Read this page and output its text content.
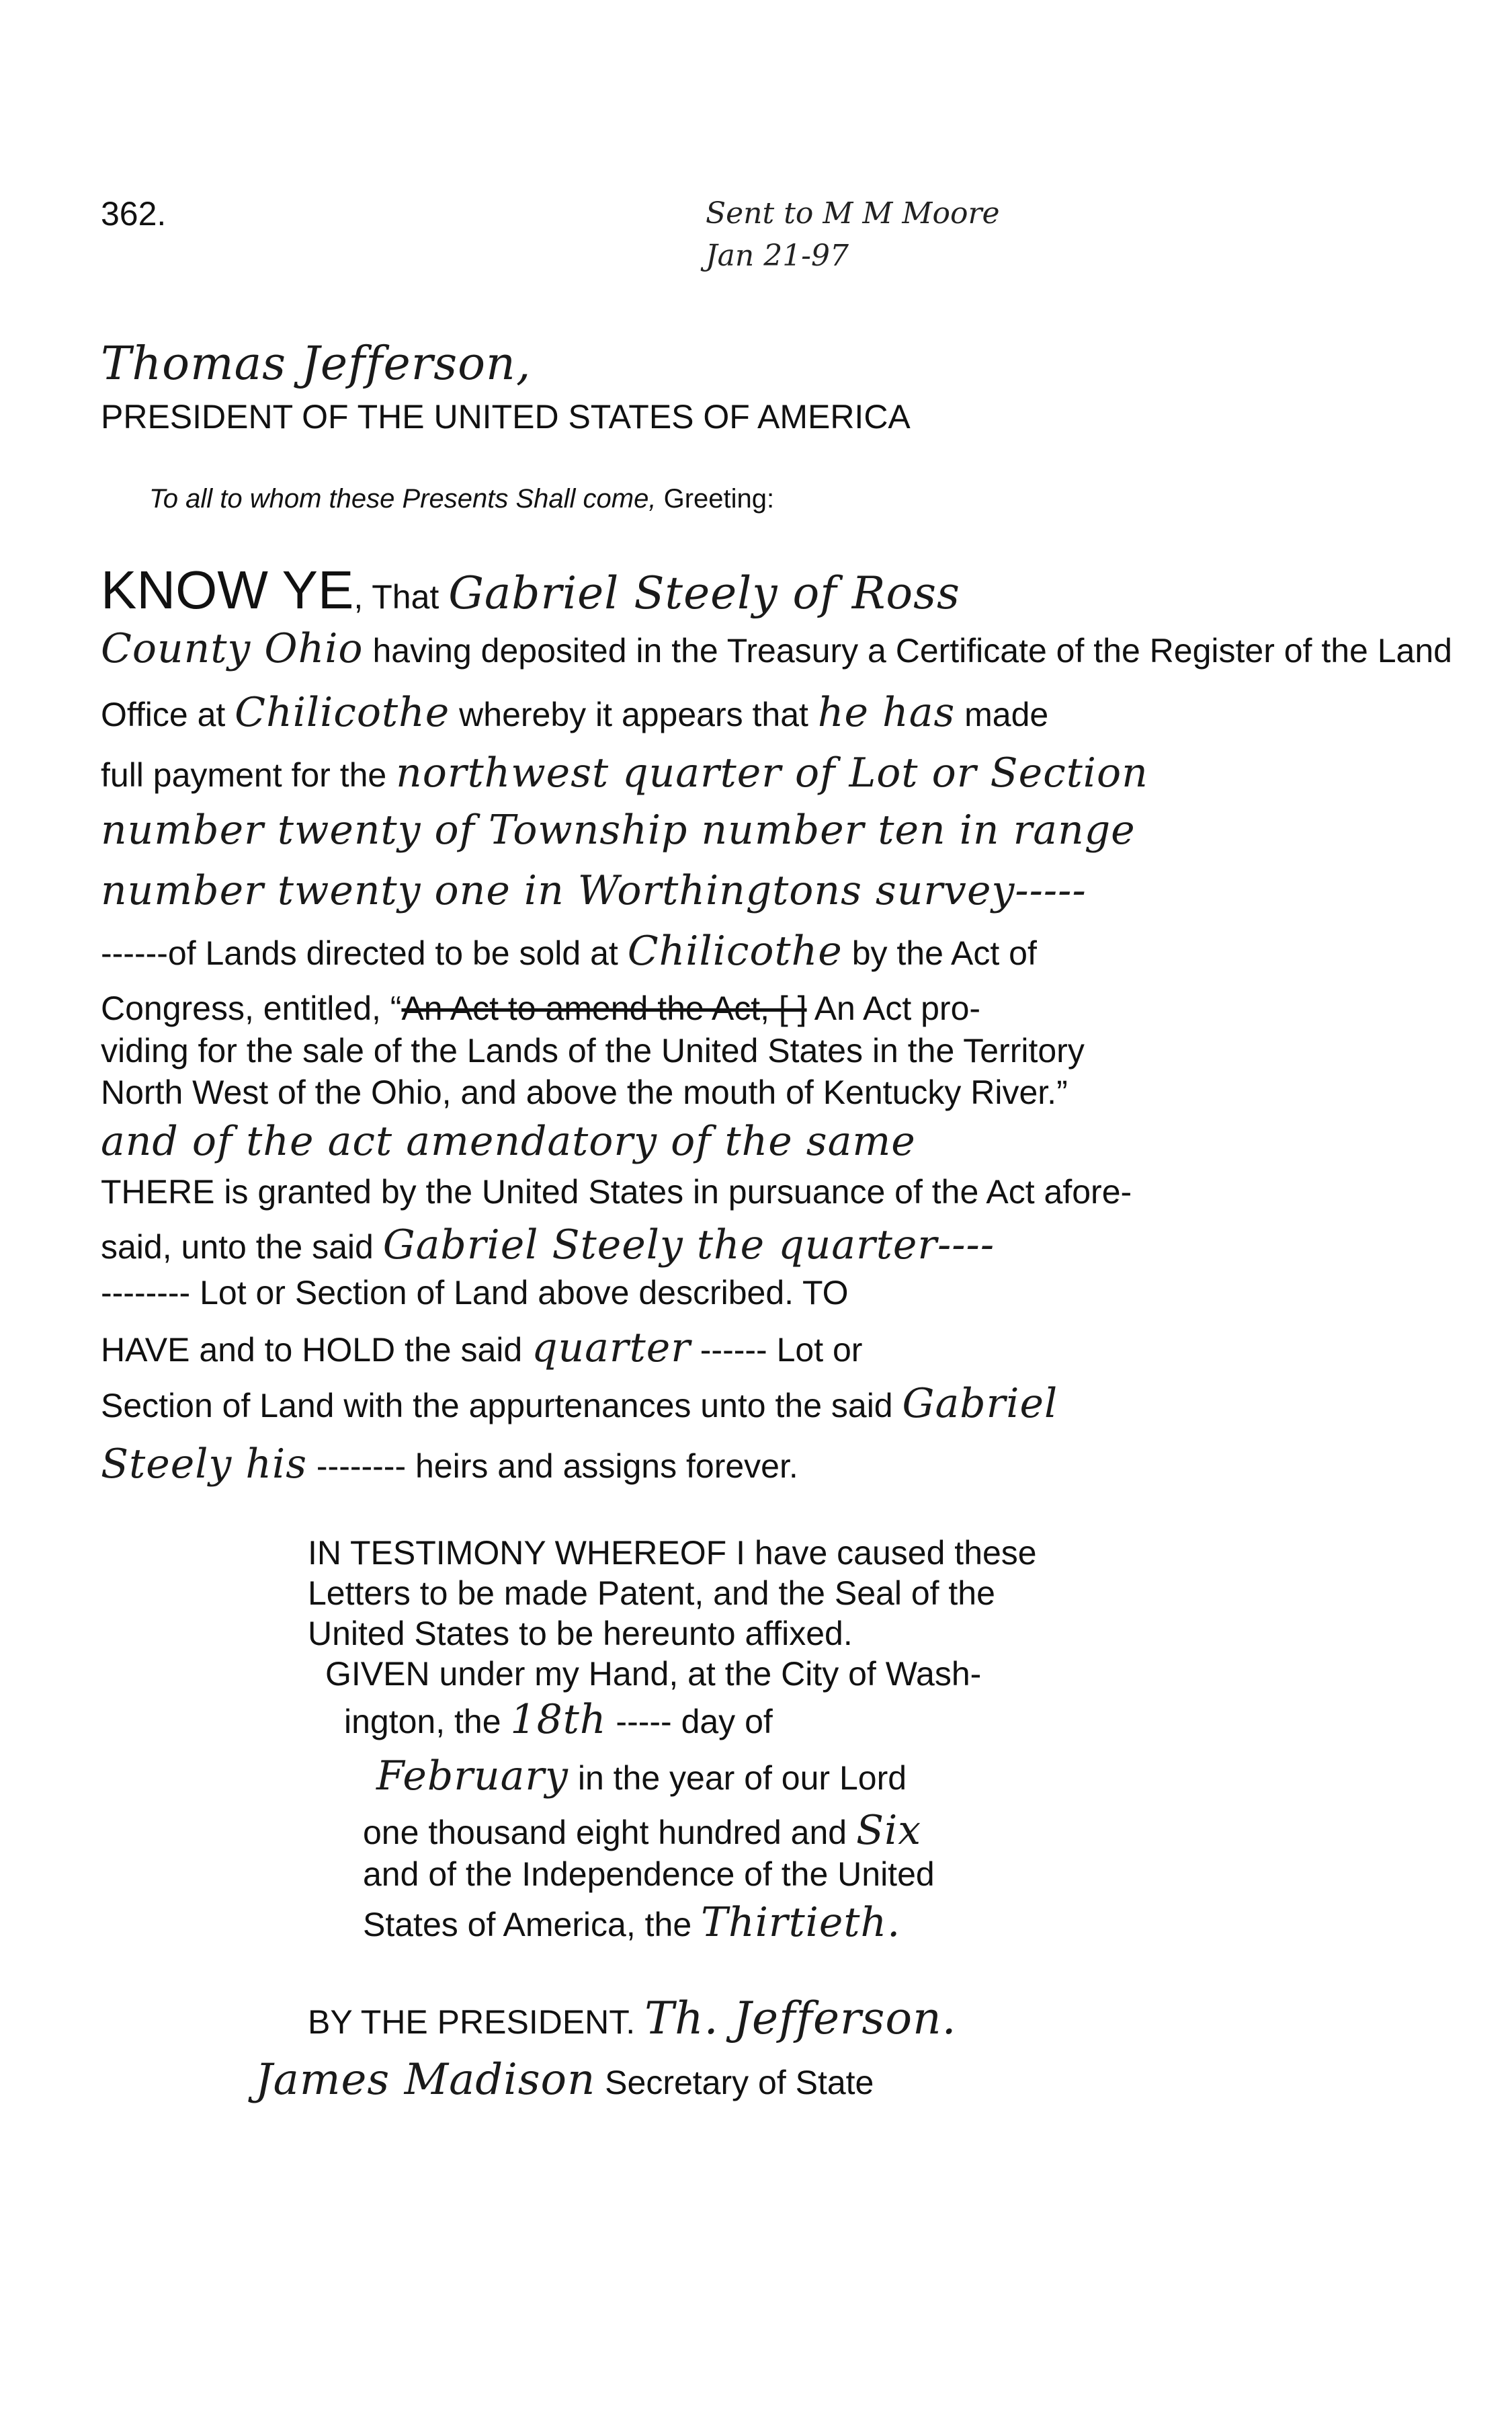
362.	Sent to M M Moore
Jan 21-97
Thomas Jefferson,
PRESIDENT OF THE UNITED STATES OF AMERICA
To all to whom these Presents Shall come, Greeting:
KNOW YE, That Gabriel Steely of Ross
County Ohio having deposited in the Treasury a Certificate of the Register of the Land
Office at Chilicothe whereby it appears that he has made
full payment for the northwest quarter of Lot or Section
number twenty of Township number ten in range
number twenty one in Worthingtons survey-----
------of Lands directed to be sold at Chilicothe by the Act of
Congress, entitled, “An Act to amend the Act, [ ] An Act pro-
viding for the sale of the Lands of the United States in the Territory
North West of the Ohio, and above the mouth of Kentucky River.”
and of the act amendatory of the same
THERE is granted by the United States in pursuance of the Act afore-
said, unto the said Gabriel Steely the quarter----
-------- Lot or Section of Land above described. TO
HAVE and to HOLD the said quarter ------ Lot or
Section of Land with the appurtenances unto the said Gabriel
Steely his -------- heirs and assigns forever.
IN TESTIMONY WHEREOF I have caused these
Letters to be made Patent, and the Seal of the
United States to be hereunto affixed.
GIVEN under my Hand, at the City of Wash-
ington, the 18th ----- day of
February in the year of our Lord
one thousand eight hundred and Six
and of the Independence of the United
States of America, the Thirtieth.
BY THE PRESIDENT. Th. Jefferson.
James Madison Secretary of State
